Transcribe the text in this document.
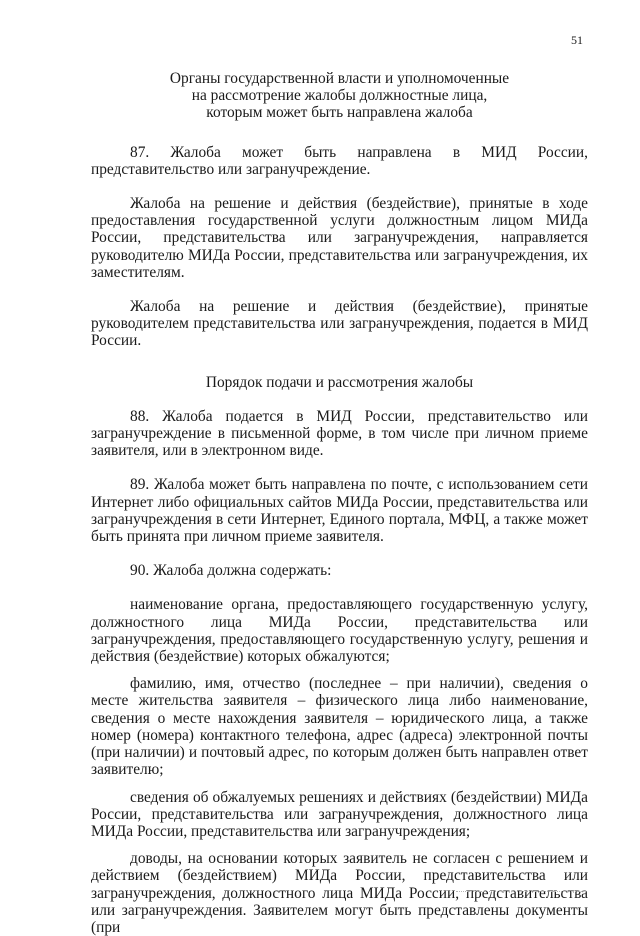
51
Органы государственной власти и уполномоченные
на рассмотрение жалобы должностные лица,
которым может быть направлена жалоба

87. Жалоба может быть направлена в МИД России, представительство или загранучреждение.

Жалоба на решение и действия (бездействие), принятые в ходе предоставления государственной услуги должностным лицом МИДа России, представительства или загранучреждения, направляется руководителю МИДа России, представительства или загранучреждения, их заместителям.

Жалоба на решение и действия (бездействие), принятые руководителем представительства или загранучреждения, подается в МИД России.

Порядок подачи и рассмотрения жалобы

88. Жалоба подается в МИД России, представительство или загранучреждение в письменной форме, в том числе при личном приеме заявителя, или в электронном виде.

89. Жалоба может быть направлена по почте, с использованием сети Интернет либо официальных сайтов МИДа России, представительства или загранучреждения в сети Интернет, Единого портала, МФЦ, а также может быть принята при личном приеме заявителя.

90. Жалоба должна содержать:

наименование органа, предоставляющего государственную услугу, должностного лица МИДа России, представительства или загранучреждения, предоставляющего государственную услугу, решения и действия (бездействие) которых обжалуются;

фамилию, имя, отчество (последнее – при наличии), сведения о месте жительства заявителя – физического лица либо наименование, сведения о месте нахождения заявителя – юридического лица, а также номер (номера) контактного телефона, адрес (адреса) электронной почты (при наличии) и почтовый адрес, по которым должен быть направлен ответ заявителю;

сведения об обжалуемых решениях и действиях (бездействии) МИДа России, представительства или загранучреждения, должностного лица МИДа России, представительства или загранучреждения;

доводы, на основании которых заявитель не согласен с решением и действием (бездействием) МИДа России, представительства или загранучреждения, должностного лица МИДа России, представительства или загранучреждения. Заявителем могут быть представлены документы (при
